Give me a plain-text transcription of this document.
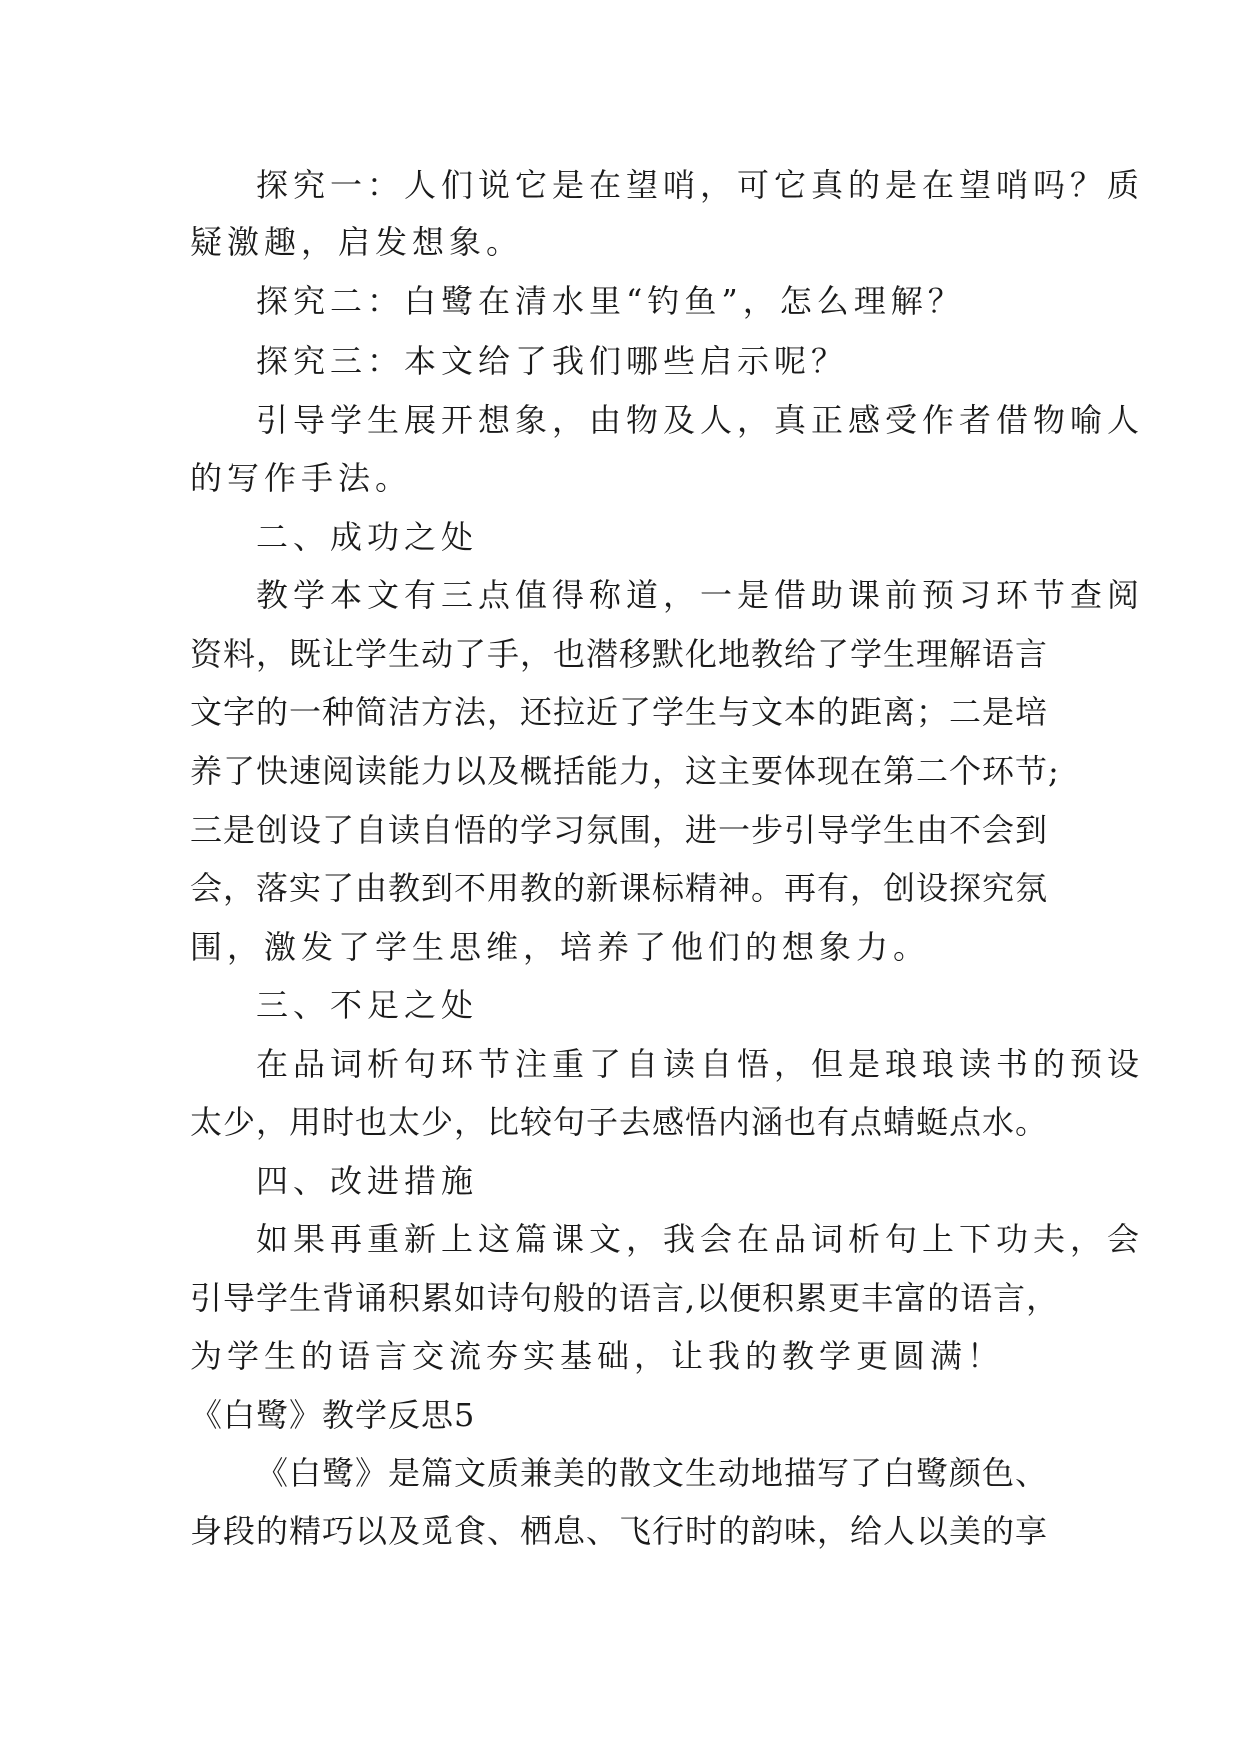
探究一：人们说它是在望哨，可它真的是在望哨吗？质
疑激趣，启发想象。
探究二：白鹭在清水里“钓鱼”，怎么理解？
探究三：本文给了我们哪些启示呢？
引导学生展开想象，由物及人，真正感受作者借物喻人
的写作手法。
二、成功之处
教学本文有三点值得称道，一是借助课前预习环节查阅
资料，既让学生动了手，也潜移默化地教给了学生理解语言
文字的一种简洁方法，还拉近了学生与文本的距离；二是培
养了快速阅读能力以及概括能力，这主要体现在第二个环节;
三是创设了自读自悟的学习氛围，进一步引导学生由不会到
会，落实了由教到不用教的新课标精神。再有，创设探究氛
围，激发了学生思维，培养了他们的想象力。
三、不足之处
在品词析句环节注重了自读自悟，但是琅琅读书的预设
太少，用时也太少，比较句子去感悟内涵也有点蜻蜓点水。
四、改进措施
如果再重新上这篇课文，我会在品词析句上下功夫，会
引导学生背诵积累如诗句般的语言,以便积累更丰富的语言，
为学生的语言交流夯实基础，让我的教学更圆满！
《白鹭》教学反思5
《白鹭》是篇文质兼美的散文生动地描写了白鹭颜色、
身段的精巧以及觅食、栖息、飞行时的韵味，给人以美的享
